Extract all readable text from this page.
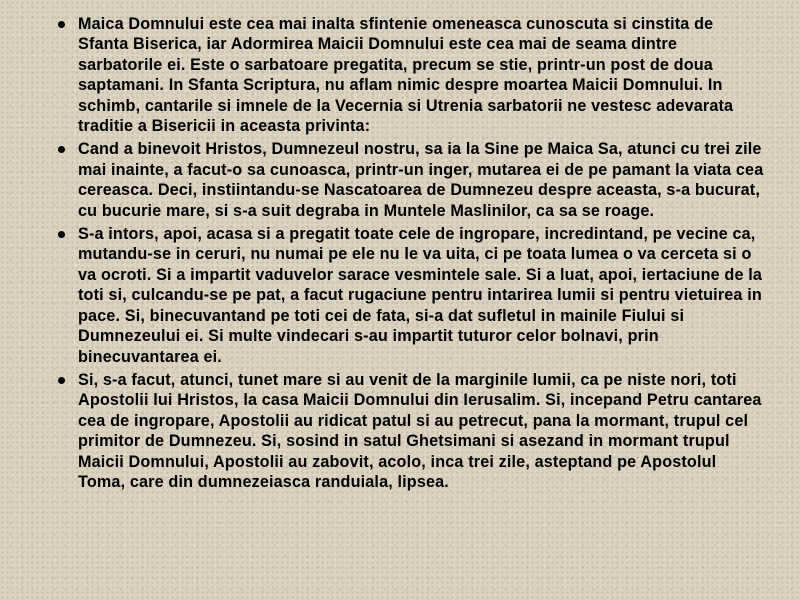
Maica Domnului este cea mai inalta sfintenie omeneasca cunoscuta si cinstita de Sfanta Biserica, iar Adormirea Maicii Domnului este cea mai de seama dintre sarbatorile ei. Este o sarbatoare pregatita, precum se stie, printr-un post de doua saptamani. In Sfanta Scriptura, nu aflam nimic despre moartea Maicii Domnului. In schimb, cantarile si imnele de la Vecernia si Utrenia sarbatorii ne vestesc adevarata traditie a Bisericii in aceasta privinta:
Cand a binevoit Hristos, Dumnezeul nostru, sa ia la Sine pe Maica Sa, atunci cu trei zile mai inainte, a facut-o sa cunoasca, printr-un inger, mutarea ei de pe pamant la viata cea cereasca. Deci, instiintandu-se Nascatoarea de Dumnezeu despre aceasta, s-a bucurat, cu bucurie mare, si s-a suit degraba in Muntele Maslinilor, ca sa se roage.
S-a intors, apoi, acasa si a pregatit toate cele de ingropare, incredintand, pe vecine ca, mutandu-se in ceruri, nu numai pe ele nu le va uita, ci pe toata lumea o va cerceta si o va ocroti. Si a impartit vaduvelor sarace vesmintele sale. Si a luat, apoi, iertaciune de la toti si, culcandu-se pe pat, a facut rugaciune pentru intarirea lumii si pentru vietuirea in pace. Si, binecuvantand pe toti cei de fata, si-a dat sufletul in mainile Fiului si Dumnezeului ei. Si multe vindecari s-au impartit tuturor celor bolnavi, prin binecuvantarea ei.
Si, s-a facut, atunci, tunet mare si au venit de la marginile lumii, ca pe niste nori, toti Apostolii lui Hristos, la casa Maicii Domnului din Ierusalim. Si, incepand Petru cantarea cea de ingropare, Apostolii au ridicat patul si au petrecut, pana la mormant, trupul cel primitor de Dumnezeu. Si, sosind in satul Ghetsimani si asezand in mormant trupul Maicii Domnului, Apostolii au zabovit, acolo, inca trei zile, asteptand pe Apostolul Toma, care din dumnezeiasca randuiala, lipsea.
